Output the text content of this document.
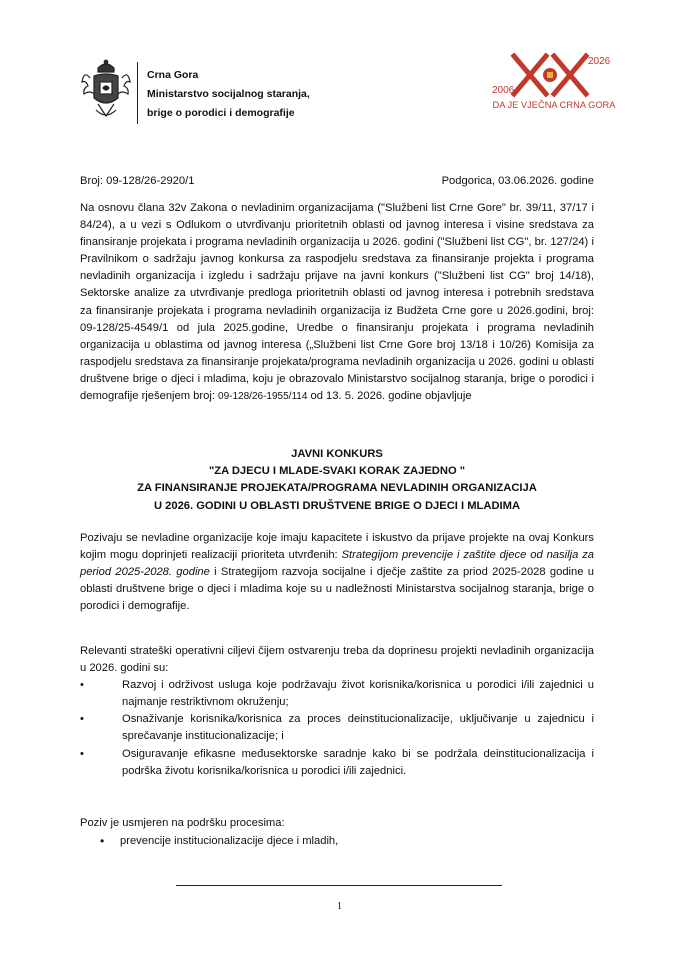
Crna Gora
Ministarstvo socijalnog staranja,
brige o porodici i demografije
2026
2006
DA JE VJEČNA CRNA GORA
Broj: 09-128/26-2920/1	Podgorica, 03.06.2026. godine
Na osnovu člana 32v Zakona o nevladinim organizacijama ("Službeni list Crne Gore" br. 39/11, 37/17 i 84/24), a u vezi s Odlukom o utvrđivanju prioritetnih oblasti od javnog interesa i visine sredstava za finansiranje projekata i programa nevladinih organizacija u 2026. godini ("Službeni list CG", br. 127/24) i Pravilnikom o sadržaju javnog konkursa za raspodjelu sredstava za finansiranje projekta i programa nevladinih organizacija i izgledu i sadržaju prijave na javni konkurs ("Službeni list CG" broj 14/18), Sektorske analize za utvrđivanje predloga prioritetnih oblasti od javnog interesa i potrebnih sredstava za finansiranje projekata i programa nevladinih organizacija iz Budžeta Crne gore u 2026.godini, broj: 09-128/25-4549/1 od jula 2025.godine, Uredbe o finansiranju projekata i programa nevladinih organizacija u oblastima od javnog interesa („Službeni list Crne Gore broj 13/18 i 10/26) Komisija za raspodjelu sredstava za finansiranje projekata/programa nevladinih organizacija u 2026. godini u oblasti društvene brige o djeci i mladima, koju je obrazovalo Ministarstvo socijalnog staranja, brige o porodici i demografije rješenjem broj: 09-128/26-1955/114 od 13. 5. 2026. godine objavljuje
JAVNI KONKURS
"ZA DJECU I MLADE-SVAKI KORAK ZAJEDNO "
ZA FINANSIRANJE PROJEKATA/PROGRAMA NEVLADINIH ORGANIZACIJA
U 2026. GODINI U OBLASTI DRUŠTVENE BRIGE O DJECI I MLADIMA
Pozivaju se nevladine organizacije koje imaju kapacitete i iskustvo da prijave projekte na ovaj Konkurs kojim mogu doprinjeti realizaciji prioriteta utvrđenih: Strategijom prevencije i zaštite djece od nasilja za period 2025-2028. godine i Strategijom razvoja socijalne i dječje zaštite za priod 2025-2028 godine u oblasti društvene brige o djeci i mladima koje su u nadležnosti Ministarstva socijalnog staranja, brige o porodici i demografije.
Relevanti strateški operativni ciljevi čijem ostvarenju treba da doprinesu projekti nevladinih organizacija u 2026. godini su:
•	Razvoj i održivost usluga koje podržavaju život korisnika/korisnica u porodici i/ili zajednici u najmanje restriktivnom okruženju;
•	Osnaživanje korisnika/korisnica za proces deinstitucionalizacije, uključivanje u zajednicu i sprečavanje institucionalizacije; i
•	Osiguravanje efikasne međusektorske saradnje kako bi se podržala deinstitucionalizacija i podrška životu korisnika/korisnica u porodici i/ili zajednici.
Poziv je usmjeren na podršku procesima:
• prevencije institucionalizacije djece i mladih,
1
